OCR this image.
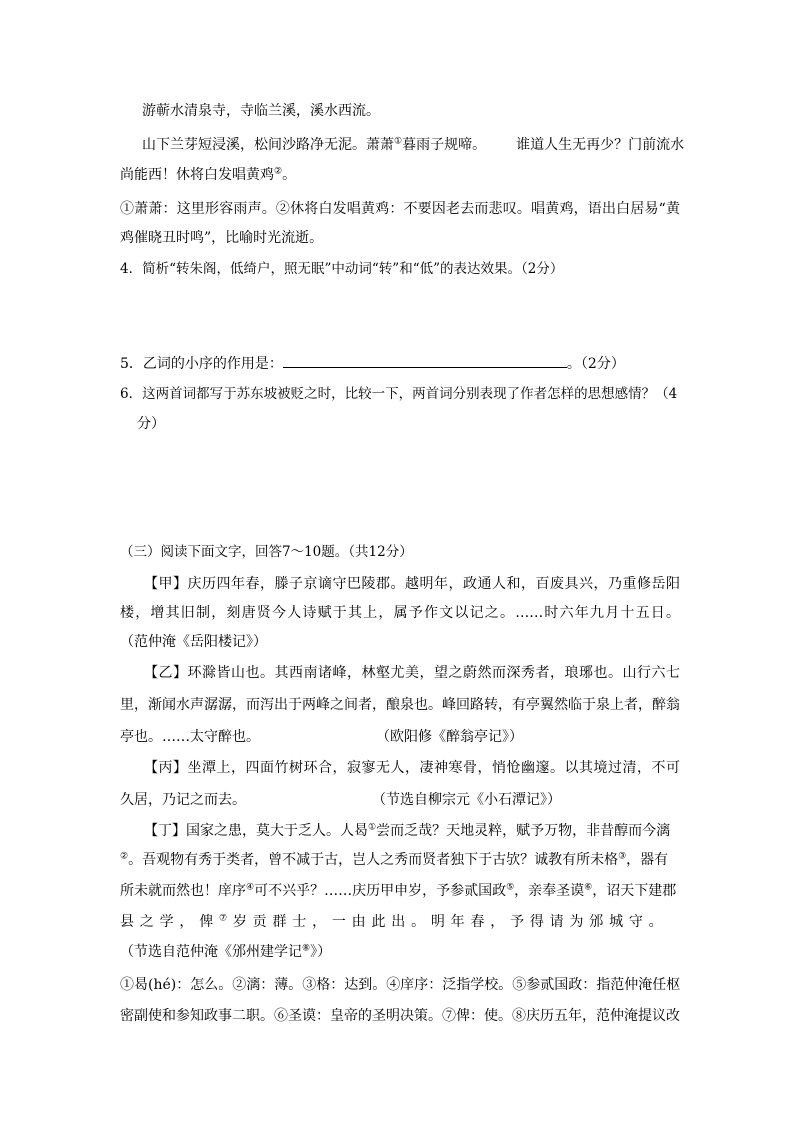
游蕲水清泉寺，寺临兰溪，溪水西流。
山下兰芽短浸溪，松间沙路净无泥。萧萧①暮雨子规啼。 谁道人生无再少？门前流水
尚能西！休将白发唱黄鸡②。
①萧萧：这里形容雨声。②休将白发唱黄鸡：不要因老去而悲叹。唱黄鸡，语出白居易“黄
鸡催晓丑时鸣”，比喻时光流逝。
4．简析“转朱阁，低绮户，照无眠”中动词“转”和“低”的表达效果。（2分）
5．乙词的小序的作用是：	。（2分）
6．这两首词都写于苏东坡被贬之时，比较一下，两首词分别表现了作者怎样的思想感情？（4
分）
（三）阅读下面文字，回答7～10题。（共12分）
【甲】庆历四年春，滕子京谪守巴陵郡。越明年，政通人和，百废具兴，乃重修岳阳
楼，增其旧制，刻唐贤今人诗赋于其上，属予作文以记之。……时六年九月十五日。
（范仲淹《岳阳楼记》）
【乙】环滁皆山也。其西南诸峰，林壑尤美，望之蔚然而深秀者，琅琊也。山行六七
里，渐闻水声潺潺，而泻出于两峰之间者，酿泉也。峰回路转，有亭翼然临于泉上者，醉翁
亭也。……太守醉也。	（欧阳修《醉翁亭记》）
【丙】坐潭上，四面竹树环合，寂寥无人，凄神寒骨，悄怆幽邃。以其境过清，不可
久居，乃记之而去。	（节选自柳宗元《小石潭记》）
【丁】国家之患，莫大于乏人。人曷①尝而乏哉？天地灵粹，赋予万物，非昔醇而今漓
②。吾观物有秀于类者，曾不减于古，岂人之秀而贤者独下于古欤？诚教有所未格③，器有
所未就而然也！庠序④可不兴乎？……庆历甲申岁，予参贰国政⑤，亲奉圣谟⑥，诏天下建郡
县之学，俾⑦岁贡群士，一由此出。明年春，予得请为邠城守。
（节选自范仲淹《邠州建学记⑧》）
①曷(hé)：怎么。②漓：薄。③格：达到。④庠序：泛指学校。⑤参贰国政：指范仲淹任枢
密副使和参知政事二职。⑥圣谟：皇帝的圣明决策。⑦俾：使。⑧庆历五年，范仲淹提议改
